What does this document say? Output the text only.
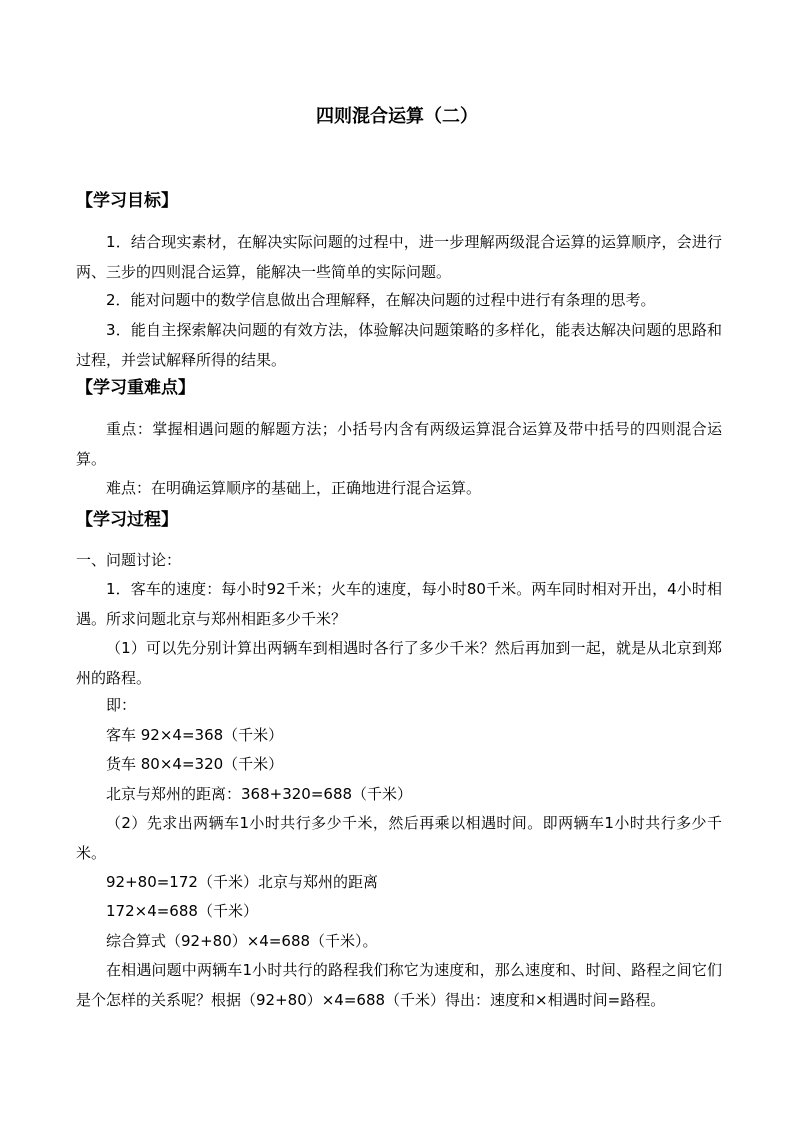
四则混合运算（二）
【学习目标】
1．结合现实素材，在解决实际问题的过程中，进一步理解两级混合运算的运算顺序，会进行两、三步的四则混合运算，能解决一些简单的实际问题。
2．能对问题中的数学信息做出合理解释，在解决问题的过程中进行有条理的思考。
3．能自主探索解决问题的有效方法，体验解决问题策略的多样化，能表达解决问题的思路和过程，并尝试解释所得的结果。
【学习重难点】
重点：掌握相遇问题的解题方法；小括号内含有两级运算混合运算及带中括号的四则混合运算。
难点：在明确运算顺序的基础上，正确地进行混合运算。
【学习过程】
一、问题讨论：
1．客车的速度：每小时92千米；火车的速度，每小时80千米。两车同时相对开出，4小时相遇。所求问题北京与郑州相距多少千米？
（1）可以先分别计算出两辆车到相遇时各行了多少千米？然后再加到一起，就是从北京到郑州的路程。
即：
客车 92×4=368（千米）
货车 80×4=320（千米）
北京与郑州的距离：368+320=688（千米）
（2）先求出两辆车1小时共行多少千米，然后再乘以相遇时间。即两辆车1小时共行多少千米。
92+80=172（千米）北京与郑州的距离
172×4=688（千米）
综合算式（92+80）×4=688（千米）。
在相遇问题中两辆车1小时共行的路程我们称它为速度和，那么速度和、时间、路程之间它们是个怎样的关系呢？根据（92+80）×4=688（千米）得出：速度和×相遇时间=路程。
